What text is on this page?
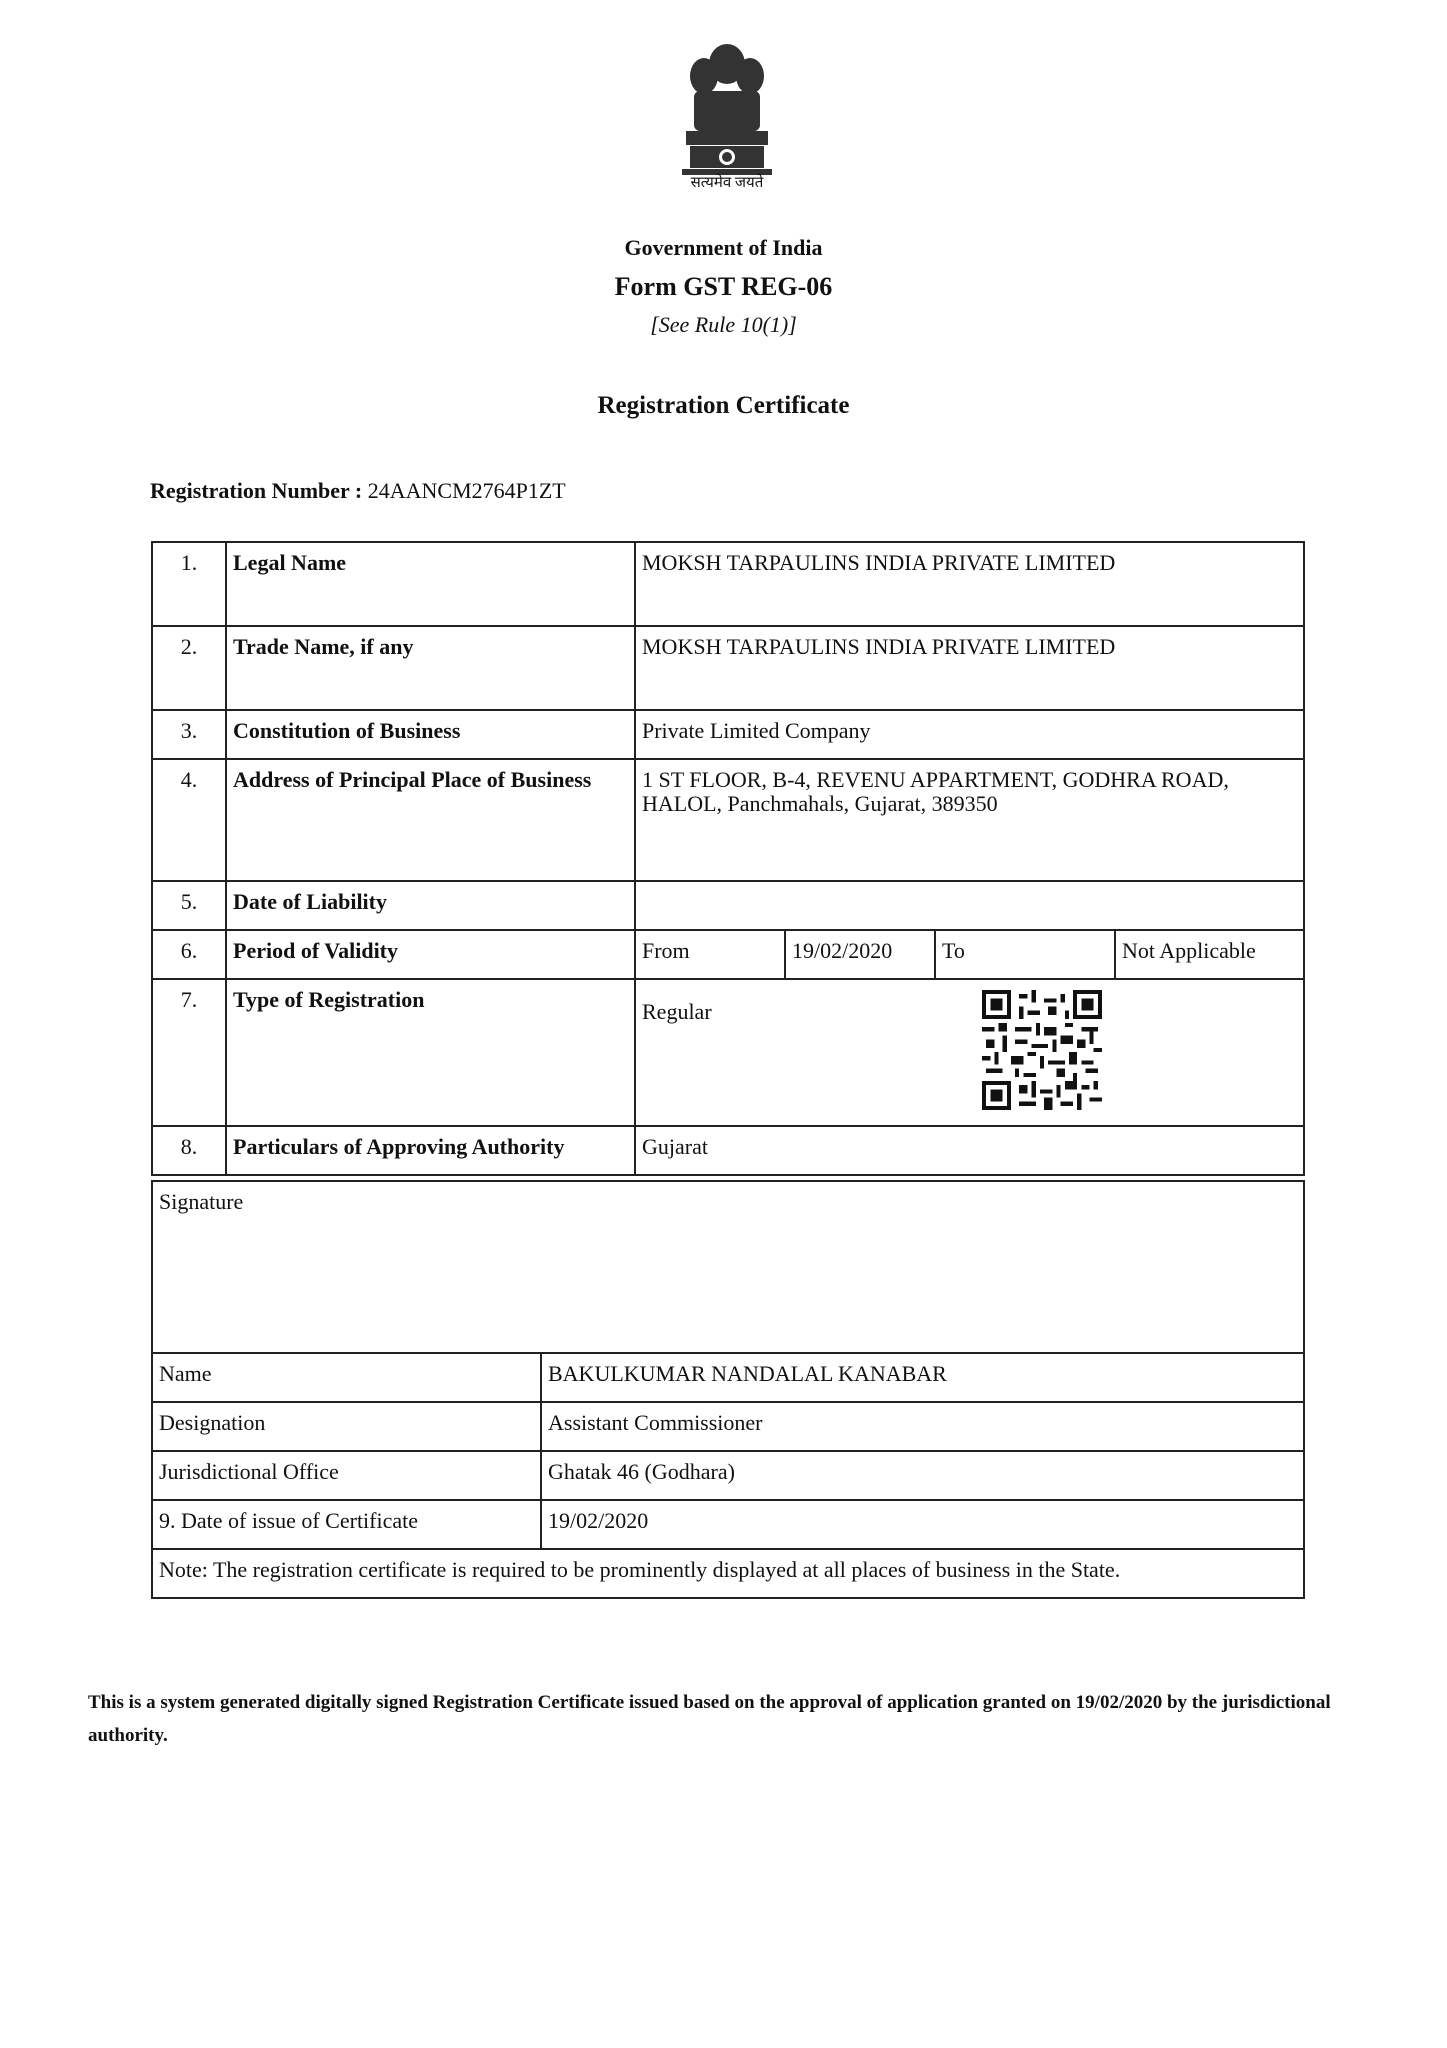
सत्यमेव जयते
Government of India
Form GST REG-06
[See Rule 10(1)]
Registration Certificate
Registration Number : 24AANCM2764P1ZT
1.	Legal Name	MOKSH TARPAULINS INDIA PRIVATE LIMITED			
2.	Trade Name, if any	MOKSH TARPAULINS INDIA PRIVATE LIMITED			
3.	Constitution of Business	Private Limited Company			
4.	Address of Principal Place of Business	1 ST FLOOR, B-4, REVENU APPARTMENT, GODHRA ROAD, HALOL, Panchmahals, Gujarat, 389350			
5.	Date of Liability				
6.	Period of Validity	From	19/02/2020	To	Not Applicable
7.	Type of Registration	Regular			

8.	Particulars of Approving Authority	Gujarat			
Signature	
Name	BAKULKUMAR NANDALAL KANABAR
Designation	Assistant Commissioner
Jurisdictional Office	Ghatak 46 (Godhara)
9. Date of issue of Certificate	19/02/2020
Note: The registration certificate is required to be prominently displayed at all places of business in the State.	
This is a system generated digitally signed Registration Certificate issued based on the approval of application granted on 19/02/2020 by the jurisdictional authority.
